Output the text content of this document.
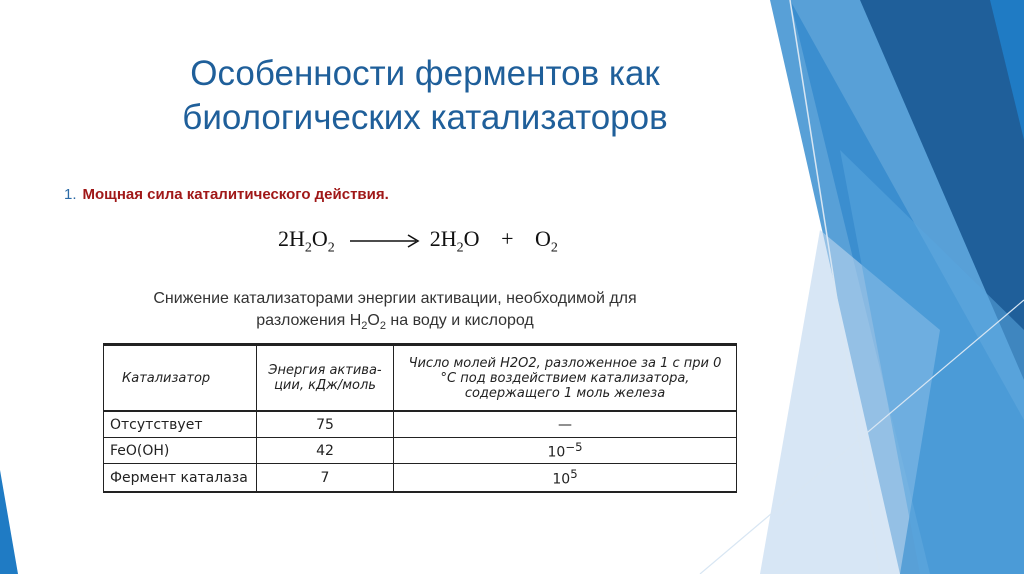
Особенности ферментов как
биологических катализаторов
1. Мощная сила каталитического действия.
$2H_2O_2 \to 2H_2O + O_2$
Снижение катализаторами энергии активации, необходимой для
разложения $H_2O_2$ на воду и кислород
Катализатор	Энергия актива-ции, кДж/моль	Число молей H2O2, разложенное за 1 с при 0 °С под воздействием катализатора, содержащего 1 моль железа
Отсутствует	75	—
FeO(OH)	42	$10^{-5}$
Фермент каталаза	7	$10^5$
